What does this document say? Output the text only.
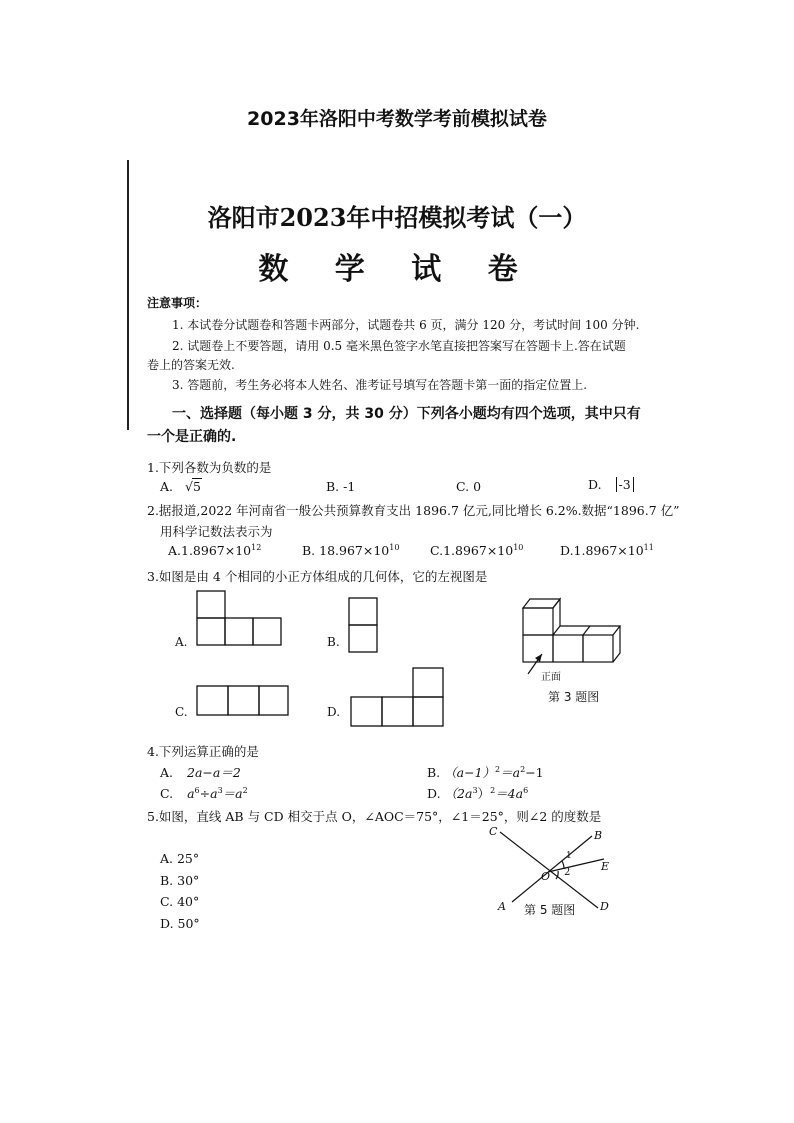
2023年洛阳中考数学考前模拟试卷
洛阳市2023年中招模拟考试（一）
数 学 试 卷
注意事项：
1. 本试卷分试题卷和答题卡两部分，试题卷共 6 页，满分 120 分，考试时间 100 分钟.
2. 试题卷上不要答题，请用 0.5 毫米黑色签字水笔直接把答案写在答题卡上.答在试题
卷上的答案无效.
3. 答题前，考生务必将本人姓名、准考证号填写在答题卡第一面的指定位置上.
一、选择题（每小题 3 分，共 30 分）下列各小题均有四个选项，其中只有
一个是正确的.
1.下列各数为负数的是
A. √5	B. -1	C. 0	D. -3
2.据报道,2022 年河南省一般公共预算教育支出 1896.7 亿元,同比增长 6.2%.数据“1896.7 亿”
用科学记数法表示为
$A.1.8967\times 10^{12}$	B. $18.967\times 10^{10}$ $C.1.8967\times 10^{10}$	$D.1.8967\times 10^{11}$
3.如图是由 4 个相同的小正方体组成的几何体，它的左视图是
A.	B.
正面
第 3 题图
C.	D.
4.下列运算正确的是
A. 2a−a＝2	B. $(a-1)^2=a^2-1$
C. $a^6\div a^3=a^2$	D. $(2a^3)^2=4a^6$
5.如图，直线 AB 与 CD 相交于点 O，∠AOC＝75°，∠1＝25°，则∠2 的度数是
A. 25°
B. 30°
C. 40°
D. 50°
C	B
E
O
1
2
A	D
第 5 题图
